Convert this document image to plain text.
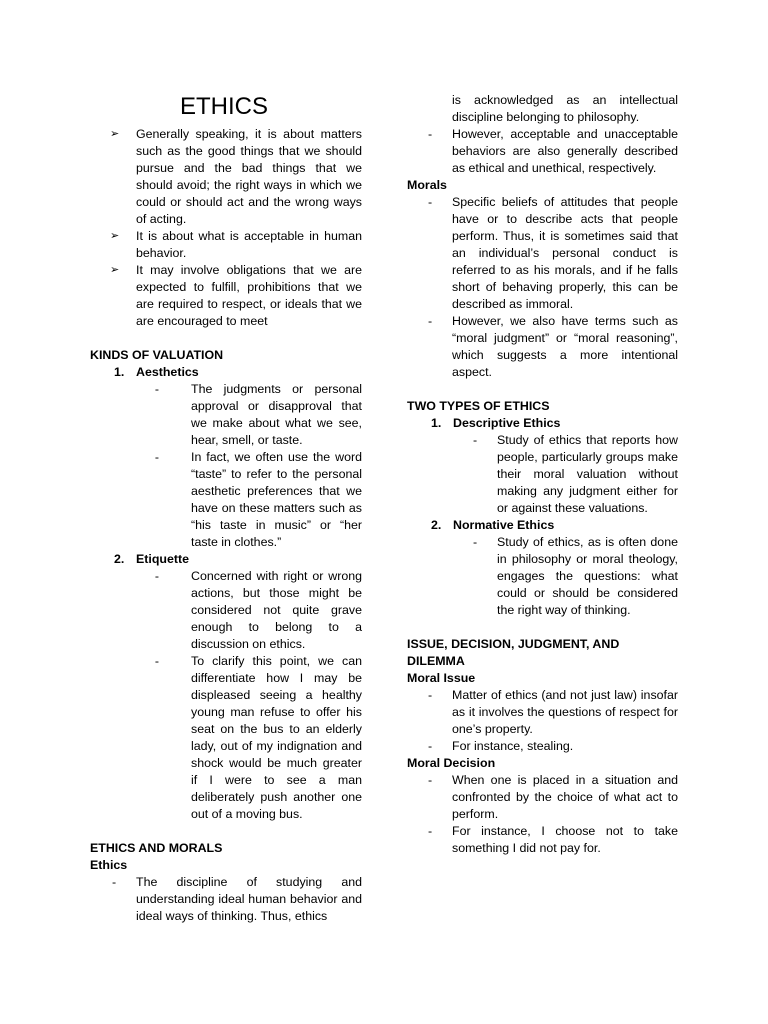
ETHICS
➢	Generally speaking, it is about matters such as the good things that we should pursue and the bad things that we should avoid; the right ways in which we could or should act and the wrong ways of acting.
➢	It is about what is acceptable in human behavior.
➢	It may involve obligations that we are expected to fulfill, prohibitions that we are required to respect, or ideals that we are encouraged to meet

KINDS OF VALUATION

1. Aesthetics

-	The judgments or personal approval or disapproval that we make about what we see, hear, smell, or taste.
-	In fact, we often use the word “taste” to refer to the personal aesthetic preferences that we have on these matters such as “his taste in music” or “her taste in clothes.”

2. Etiquette

-	Concerned with right or wrong actions, but those might be considered not quite grave enough to belong to a discussion on ethics.
-	To clarify this point, we can differentiate how I may be displeased seeing a healthy young man refuse to offer his seat on the bus to an elderly lady, out of my indignation and shock would be much greater if I were to see a man deliberately push another one out of a moving bus.

ETHICS AND MORALS

Ethics

-	The discipline of studying and understanding ideal human behavior and ideal ways of thinking. Thus, ethics
is acknowledged as an intellectual discipline belonging to philosophy.
-	However, acceptable and unacceptable behaviors are also generally described as ethical and unethical, respectively.

Morals

-	Specific beliefs of attitudes that people have or to describe acts that people perform. Thus, it is sometimes said that an individual’s personal conduct is referred to as his morals, and if he falls short of behaving properly, this can be described as immoral.
-	However, we also have terms such as “moral judgment” or “moral reasoning”, which suggests a more intentional aspect.

TWO TYPES OF ETHICS

1. Descriptive Ethics

-	Study of ethics that reports how people, particularly groups make their moral valuation without making any judgment either for or against these valuations.

2. Normative Ethics

-	Study of ethics, as is often done in philosophy or moral theology, engages the questions: what could or should be considered the right way of thinking.

ISSUE, DECISION, JUDGMENT, AND DILEMMA

Moral Issue

-	Matter of ethics (and not just law) insofar as it involves the questions of respect for one’s property.
-	For instance, stealing.

Moral Decision

-	When one is placed in a situation and confronted by the choice of what act to perform.
-	For instance, I choose not to take something I did not pay for.
